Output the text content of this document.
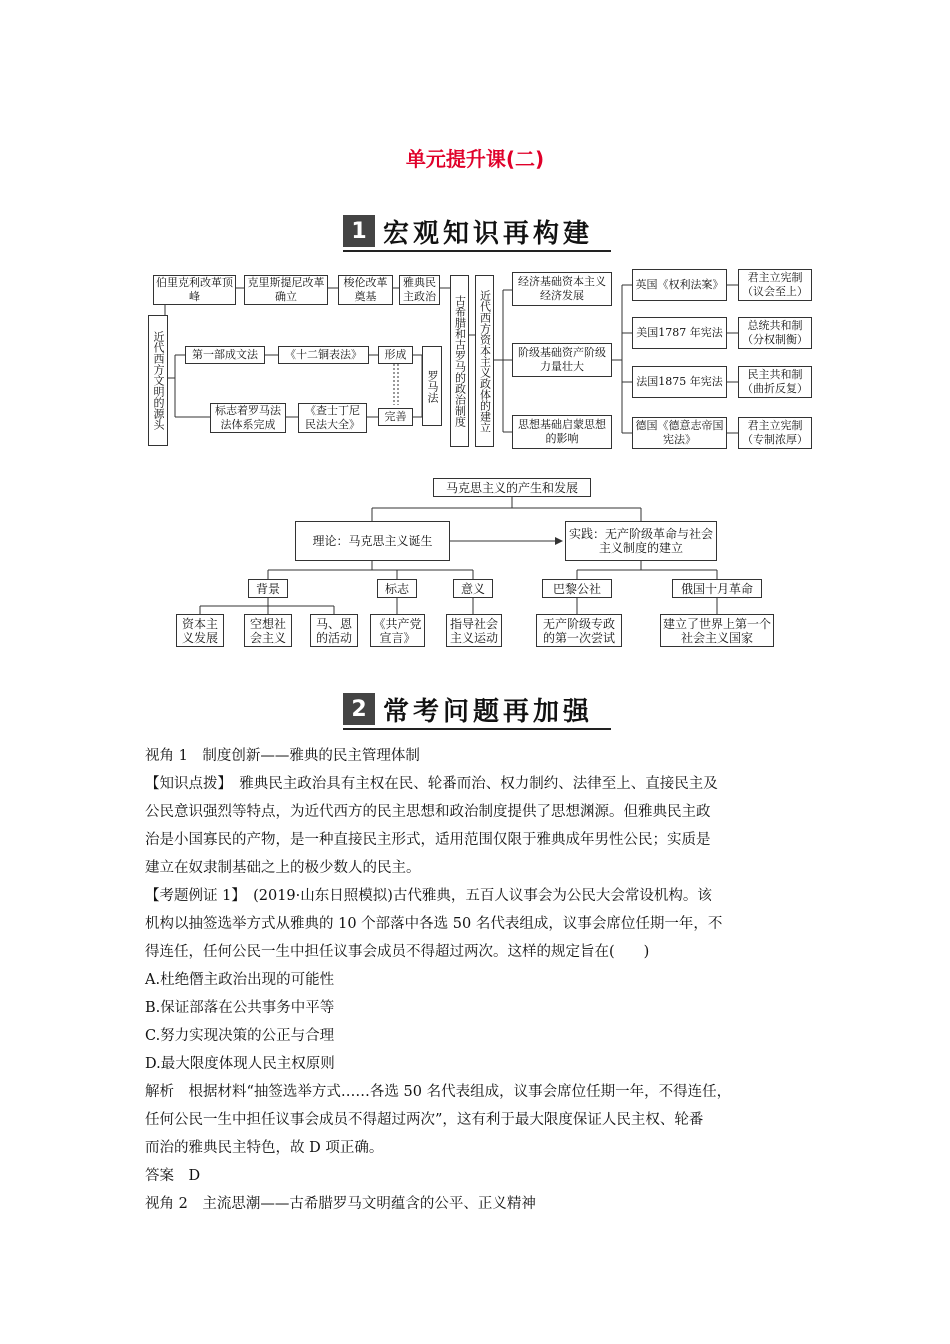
单元提升课(二)
1 宏观知识再构建
伯里克利改革顶峰
克里斯提尼改革确立
梭伦改革奠基
雅典民主政治
近代西方文明的源头	第一部成文法	《十二铜表法》	形成
罗马法
标志着罗马法法体系完成
《查士丁尼民法大全》
完善	古希腊和古罗马的政治制度	近代西方资本主义政体的建立
经济基础资本主义经济发展
阶级基础资产阶级力量壮大
思想基础启蒙思想的影响
英国《权利法案》
美国1787 年宪法
法国1875 年宪法
德国《德意志帝国宪法》
君主立宪制（议会至上）
总统共和制（分权制衡）
民主共和制（曲折反复）
君主立宪制（专制浓厚）
马克思主义的产生和发展
理论：马克思主义诞生	实践：无产阶级革命与社会主义制度的建立
背景	标志	意义	巴黎公社	俄国十月革命
资本主义发展
空想社会主义
马、恩的活动
《共产党宣言》
指导社会主义运动
无产阶级专政的第一次尝试
建立了世界上第一个社会主义国家
2 常考问题再加强
视角 1　制度创新——雅典的民主管理体制
【知识点拨】　雅典民主政治具有主权在民、轮番而治、权力制约、法律至上、直接民主及
公民意识强烈等特点，为近代西方的民主思想和政治制度提供了思想渊源。但雅典民主政
治是小国寡民的产物，是一种直接民主形式，适用范围仅限于雅典成年男性公民；实质是
建立在奴隶制基础之上的极少数人的民主。
【考题例证 1】　(2019·山东日照模拟)古代雅典，五百人议事会为公民大会常设机构。该
机构以抽签选举方式从雅典的 10 个部落中各选 50 名代表组成，议事会席位任期一年，不
得连任，任何公民一生中担任议事会成员不得超过两次。这样的规定旨在(　　)
A.杜绝僭主政治出现的可能性
B.保证部落在公共事务中平等
C.努力实现决策的公正与合理
D.最大限度体现人民主权原则
解析　根据材料“抽签选举方式……各选 50 名代表组成，议事会席位任期一年，不得连任，
任何公民一生中担任议事会成员不得超过两次”，这有利于最大限度保证人民主权、轮番
而治的雅典民主特色，故 D 项正确。
答案　D
视角 2　主流思潮——古希腊罗马文明蕴含的公平、正义精神
